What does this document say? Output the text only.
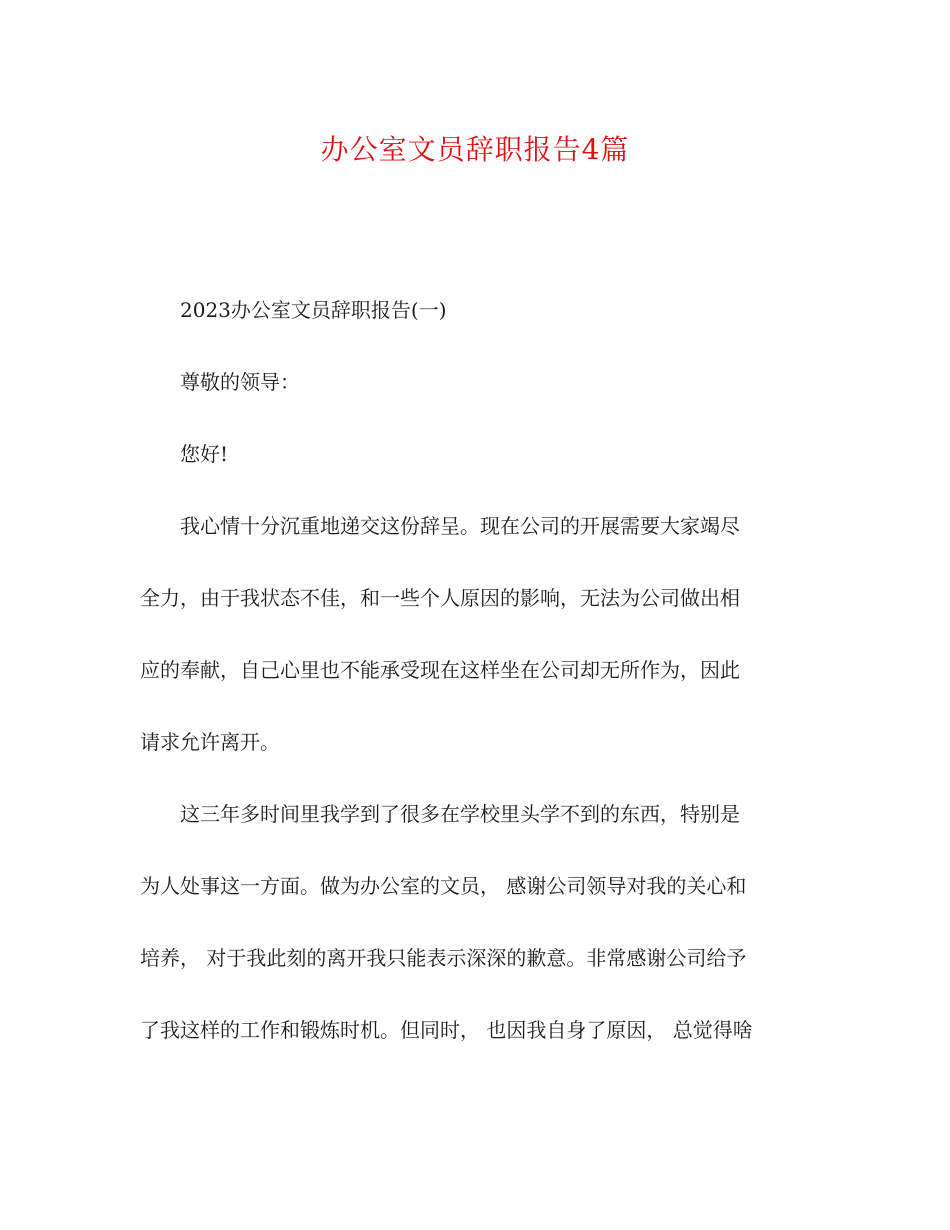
办公室文员辞职报告4篇
2023办公室文员辞职报告(一)
尊敬的领导：
您好!
我心情十分沉重地递交这份辞呈。现在公司的开展需要大家竭尽
全力，由于我状态不佳，和一些个人原因的影响，无法为公司做出相
应的奉献，自己心里也不能承受现在这样坐在公司却无所作为，因此
请求允许离开。
这三年多时间里我学到了很多在学校里头学不到的东西，特别是
为人处事这一方面。做为办公室的文员， 感谢公司领导对我的关心和
培养， 对于我此刻的离开我只能表示深深的歉意。非常感谢公司给予
了我这样的工作和锻炼时机。但同时， 也因我自身了原因， 总觉得啥
